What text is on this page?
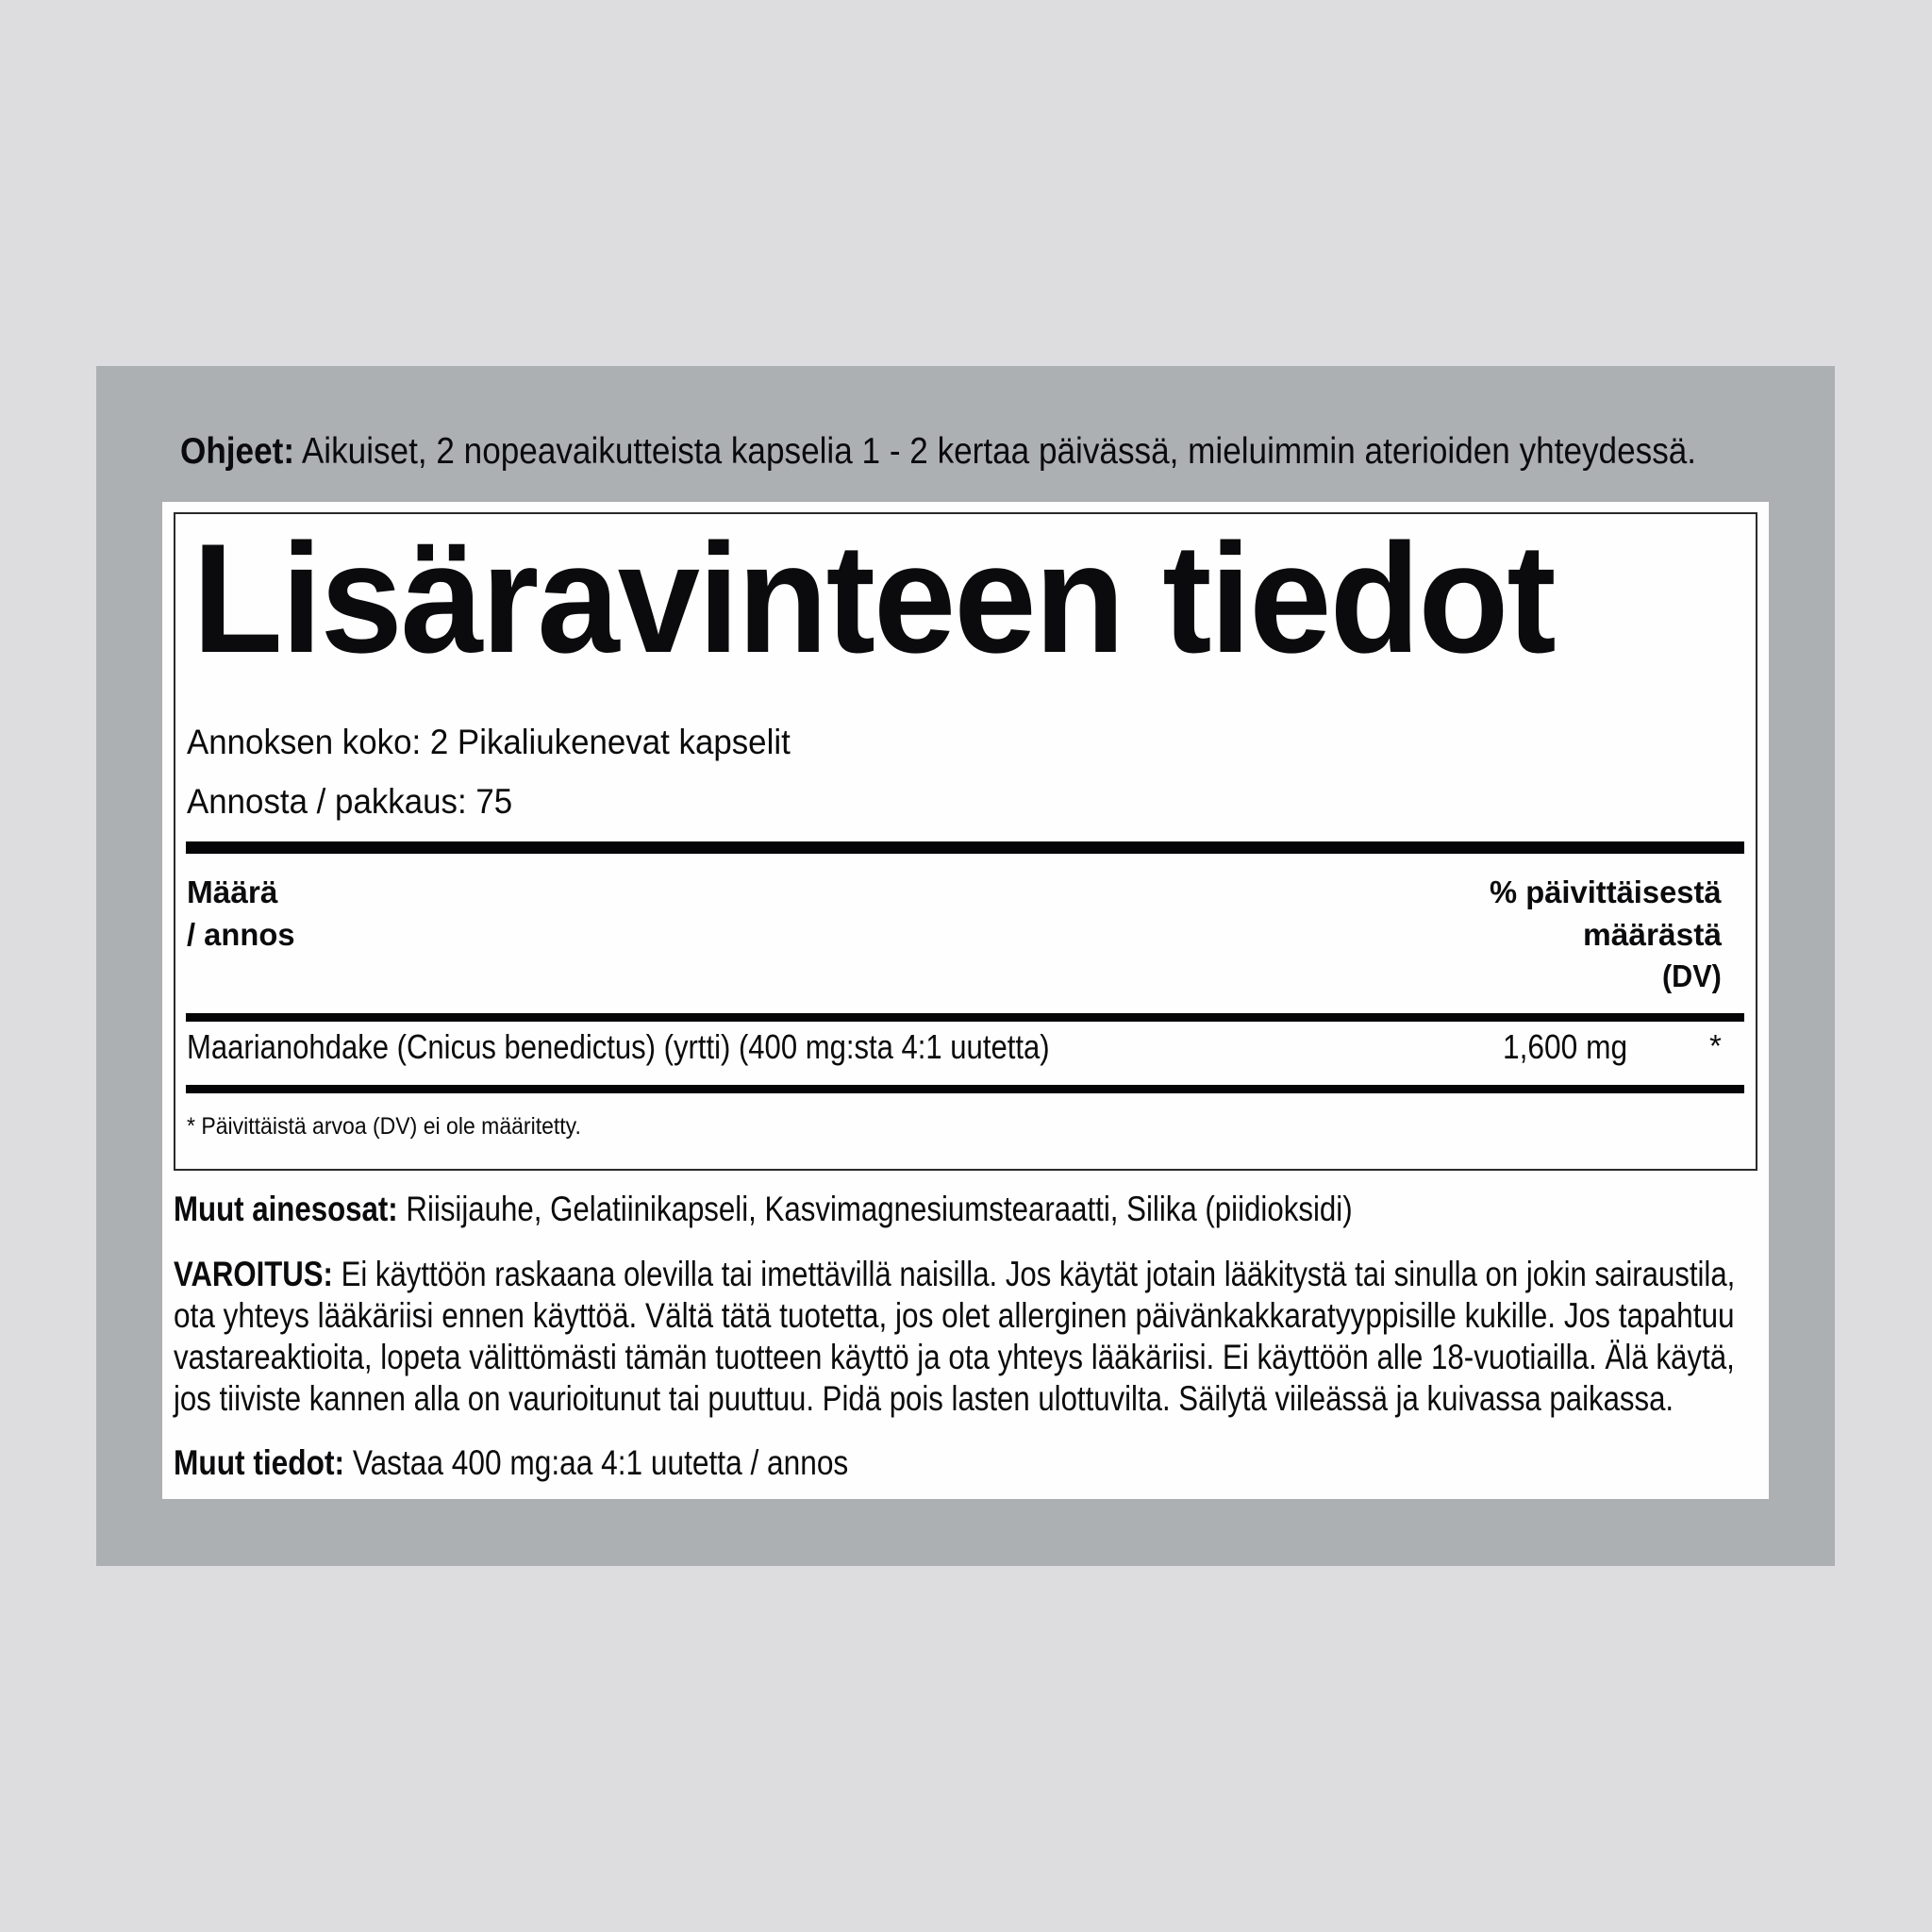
Ohjeet: Aikuiset, 2 nopeavaikutteista kapselia 1 - 2 kertaa päivässä, mieluimmin aterioiden yhteydessä.
Lisäravinteen tiedot
Annoksen koko: 2 Pikaliukenevat kapselit
Annosta / pakkaus: 75
Määrä
/ annos
% päivittäisestä
määrästä
(DV)
Maarianohdake (Cnicus benedictus) (yrtti) (400 mg:sta 4:1 uutetta)	1,600 mg	*
* Päivittäistä arvoa (DV) ei ole määritetty.
Muut ainesosat: Riisijauhe, Gelatiinikapseli, Kasvimagnesiumstearaatti, Silika (piidioksidi)
VAROITUS: Ei käyttöön raskaana olevilla tai imettävillä naisilla. Jos käytät jotain lääkitystä tai sinulla on jokin sairaustila,
ota yhteys lääkäriisi ennen käyttöä. Vältä tätä tuotetta, jos olet allerginen päivänkakkaratyyppisille kukille. Jos tapahtuu
vastareaktioita, lopeta välittömästi tämän tuotteen käyttö ja ota yhteys lääkäriisi. Ei käyttöön alle 18-vuotiailla. Älä käytä,
jos tiiviste kannen alla on vaurioitunut tai puuttuu. Pidä pois lasten ulottuvilta. Säilytä viileässä ja kuivassa paikassa.
Muut tiedot: Vastaa 400 mg:aa 4:1 uutetta / annos
